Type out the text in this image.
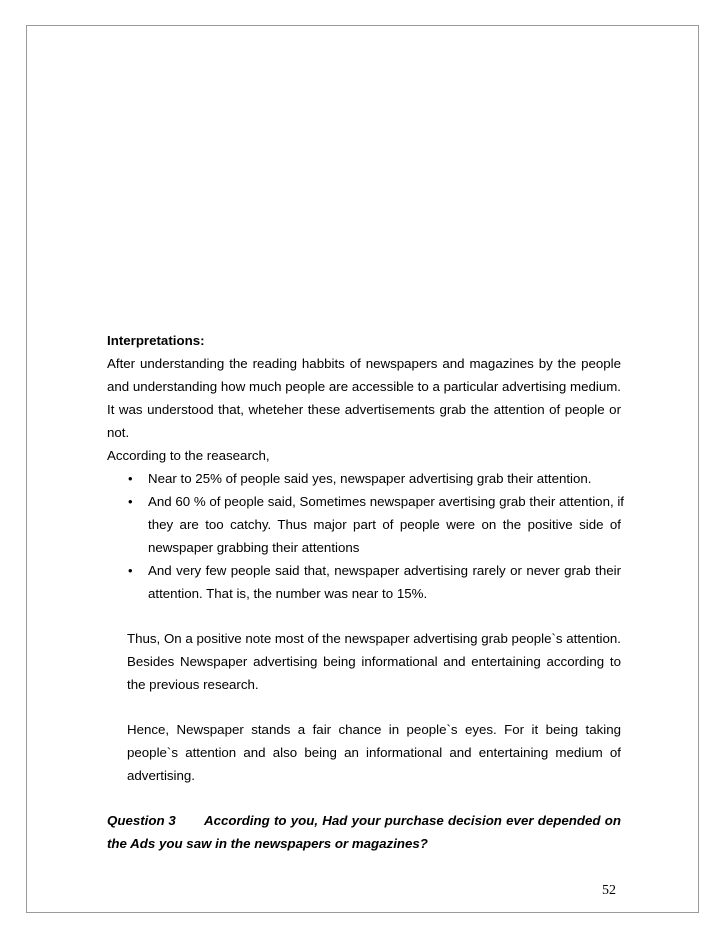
Interpretations:
After understanding the reading habbits of newspapers and magazines by the people
and understanding how much people are accessible to a particular advertising medium.
It was understood that, wheteher these advertisements grab the attention of people or
not.
According to the reasearch,
• Near to 25% of people said yes, newspaper advertising grab their attention.
• And 60 % of people said, Sometimes newspaper avertising grab their attention, if
they are too catchy. Thus major part of people were on the positive side of
newspaper grabbing their attentions
• And very few people said that, newspaper advertising rarely or never grab their
attention. That is, the number was near to 15%.
Thus, On a positive note most of the newspaper advertising grab people`s attention.
Besides Newspaper advertising being informational and entertaining according to
the previous research.
Hence, Newspaper stands a fair chance in people`s eyes. For it being taking
people`s attention and also being an informational and entertaining medium of
advertising.
Question 3	According to you, Had your purchase decision ever depended on
the Ads you saw in the newspapers or magazines?
52
